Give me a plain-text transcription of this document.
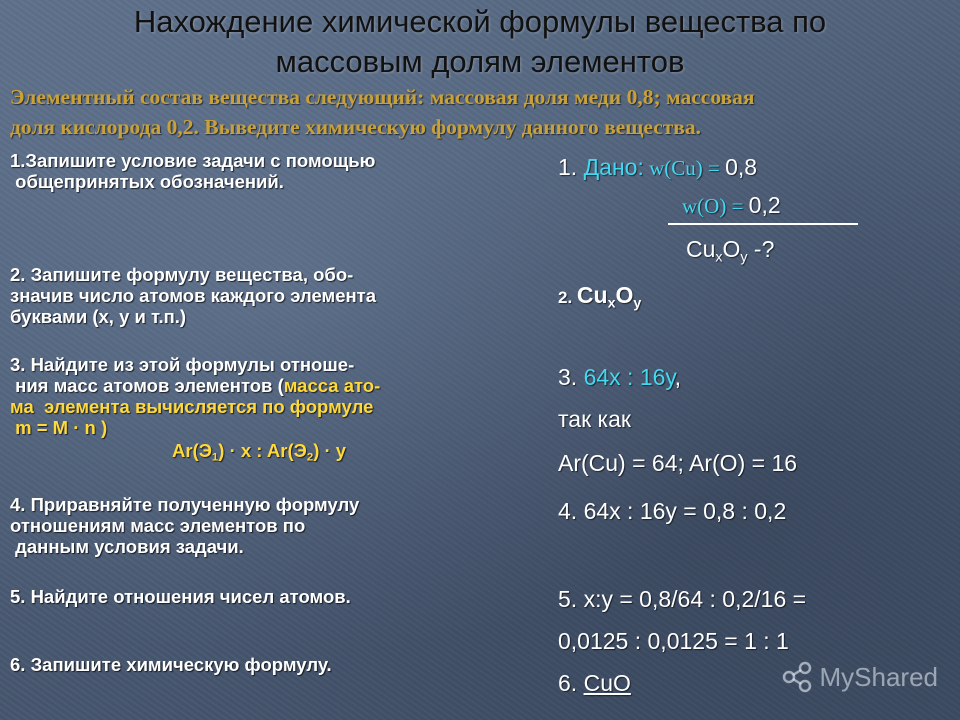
Нахождение химической формулы вещества по
массовым долям элементов
Элементный состав вещества следующий: массовая доля меди 0,8; массовая
доля кислорода 0,2. Выведите химическую формулу данного вещества.
1.Запишите условие задачи с помощью
общепринятых обозначений.
2. Запишите формулу вещества, обо-
значив число атомов каждого элемента
буквами (х, у и т.п.)
3. Найдите из этой формулы отноше-
ния масс атомов элементов (масса ато-
ма  элемента вычисляется по формуле
m = M · n )
$Ar(Э_1) \cdot x$ : $Ar(Э_2) \cdot y$
4. Приравняйте полученную формулу
отношениям масс элементов по
данным условия задачи.
5. Найдите отношения чисел атомов.
6. Запишите химическую формулу.
1. Дано: w(Cu) = 0,8
w(O) = 0,2
$Cu_xO_y$ -?
2. $Cu_xO_y$
3. 64х : 16у,
так как
Ar(Cu) = 64; Ar(O) = 16
4. 64x : 16y = 0,8 : 0,2
5. х:у = 0,8/64 : 0,2/16 =
0,0125 : 0,0125 = 1 : 1
6. CuO	MyShared
